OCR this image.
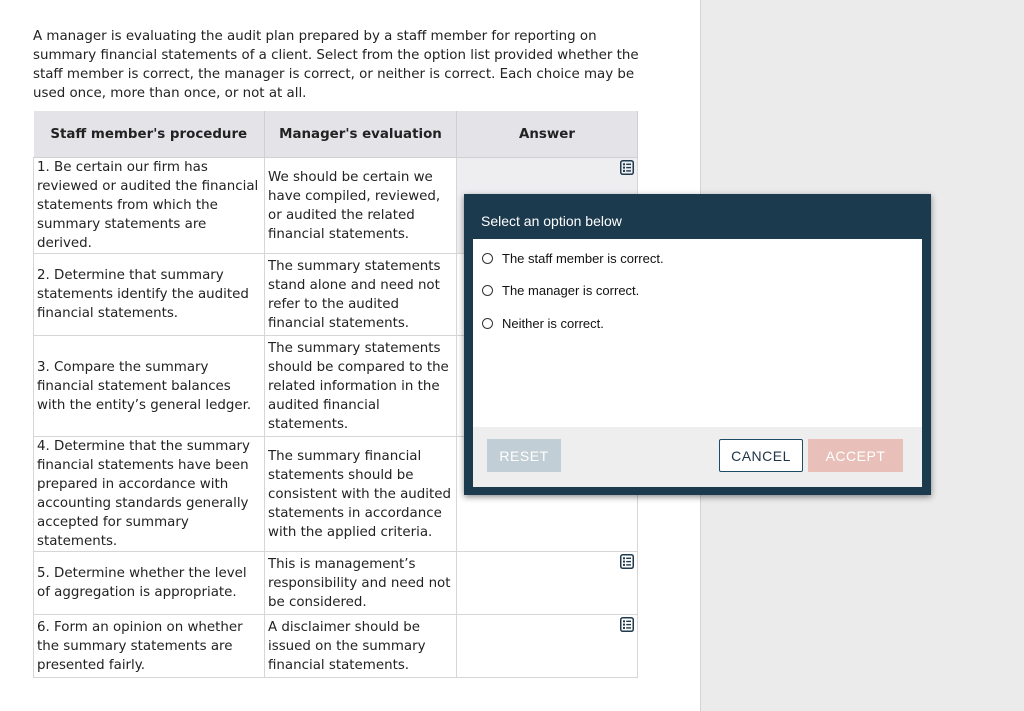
A manager is evaluating the audit plan prepared by a staff member for reporting on summary financial statements of a client. Select from the option list provided whether the staff member is correct, the manager is correct, or neither is correct. Each choice may be used once, more than once, or not at all.

Staff member's procedure	Manager's evaluation	Answer
1. Be certain our firm has reviewed or audited the financial statements from which the summary statements are derived.	We should be certain we have compiled, reviewed, or audited the related financial statements.	

2. Determine that summary statements identify the audited financial statements.	The summary statements stand alone and need not refer to the audited financial statements.	
3. Compare the summary financial statement balances with the entity’s general ledger.	The summary statements should be compared to the related information in the audited financial statements.	
4. Determine that the summary financial statements have been prepared in accordance with accounting standards generally accepted for summary statements.	The summary financial statements should be consistent with the audited statements in accordance with the applied criteria.	
5. Determine whether the level of aggregation is appropriate.	This is management’s responsibility and need not be considered.	

6. Form an opinion on whether the summary statements are presented fairly.	A disclaimer should be issued on the summary financial statements.	
Select an option below
The staff member is correct.
The manager is correct.
Neither is correct.
RESET	CANCEL	ACCEPT
